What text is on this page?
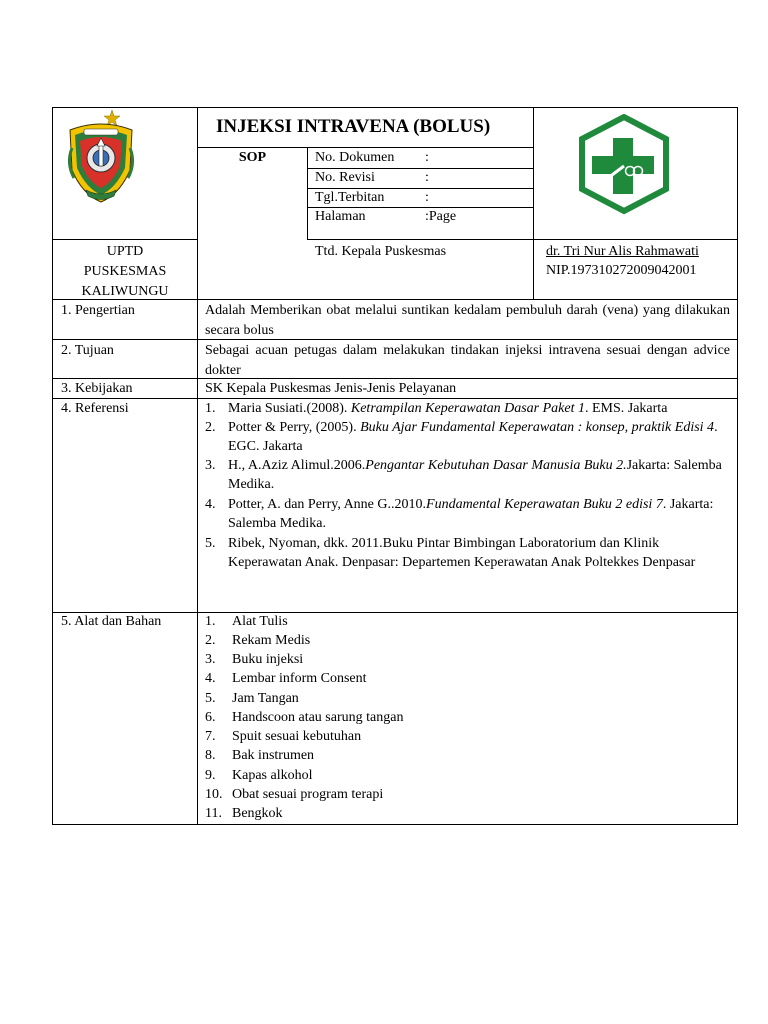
INJEKSI INTRAVENA (BOLUS)
SOP	No. Dokumen :
No. Revisi	:
Tgl.Terbitan	:
Halaman	:Page
Ttd. Kepala Puskesmas	dr. Tri Nur Alis Rahmawati
NIP.197310272009042001
UPTD
PUSKESMAS
KALIWUNGU
1. Pengertian	Adalah Memberikan obat melalui suntikan kedalam pembuluh darah (vena) yang dilakukan secara bolus
2. Tujuan	Sebagai acuan petugas dalam melakukan tindakan injeksi intravena sesuai dengan advice dokter
3. Kebijakan	SK Kepala Puskesmas Jenis-Jenis Pelayanan
4. Referensi	1. Maria Susiati.(2008). Ketrampilan Keperawatan Dasar Paket 1. EMS. Jakarta
2. Potter & Perry, (2005). Buku Ajar Fundamental Keperawatan : konsep, praktik Edisi 4. EGC. Jakarta
3. H., A.Aziz Alimul.2006.Pengantar Kebutuhan Dasar Manusia Buku 2.Jakarta: Salemba Medika.
4. Potter, A. dan Perry, Anne G..2010.Fundamental Keperawatan Buku 2 edisi 7. Jakarta: Salemba Medika.
5. Ribek, Nyoman, dkk. 2011.Buku Pintar Bimbingan Laboratorium dan Klinik Keperawatan Anak. Denpasar: Departemen Keperawatan Anak Poltekkes Denpasar
5. Alat dan Bahan	1. Alat Tulis
2. Rekam Medis
3. Buku injeksi
4. Lembar inform Consent
5. Jam Tangan
6. Handscoon atau sarung tangan
7. Spuit sesuai kebutuhan
8. Bak instrumen
9. Kapas alkohol
10. Obat sesuai program terapi
11. Bengkok
